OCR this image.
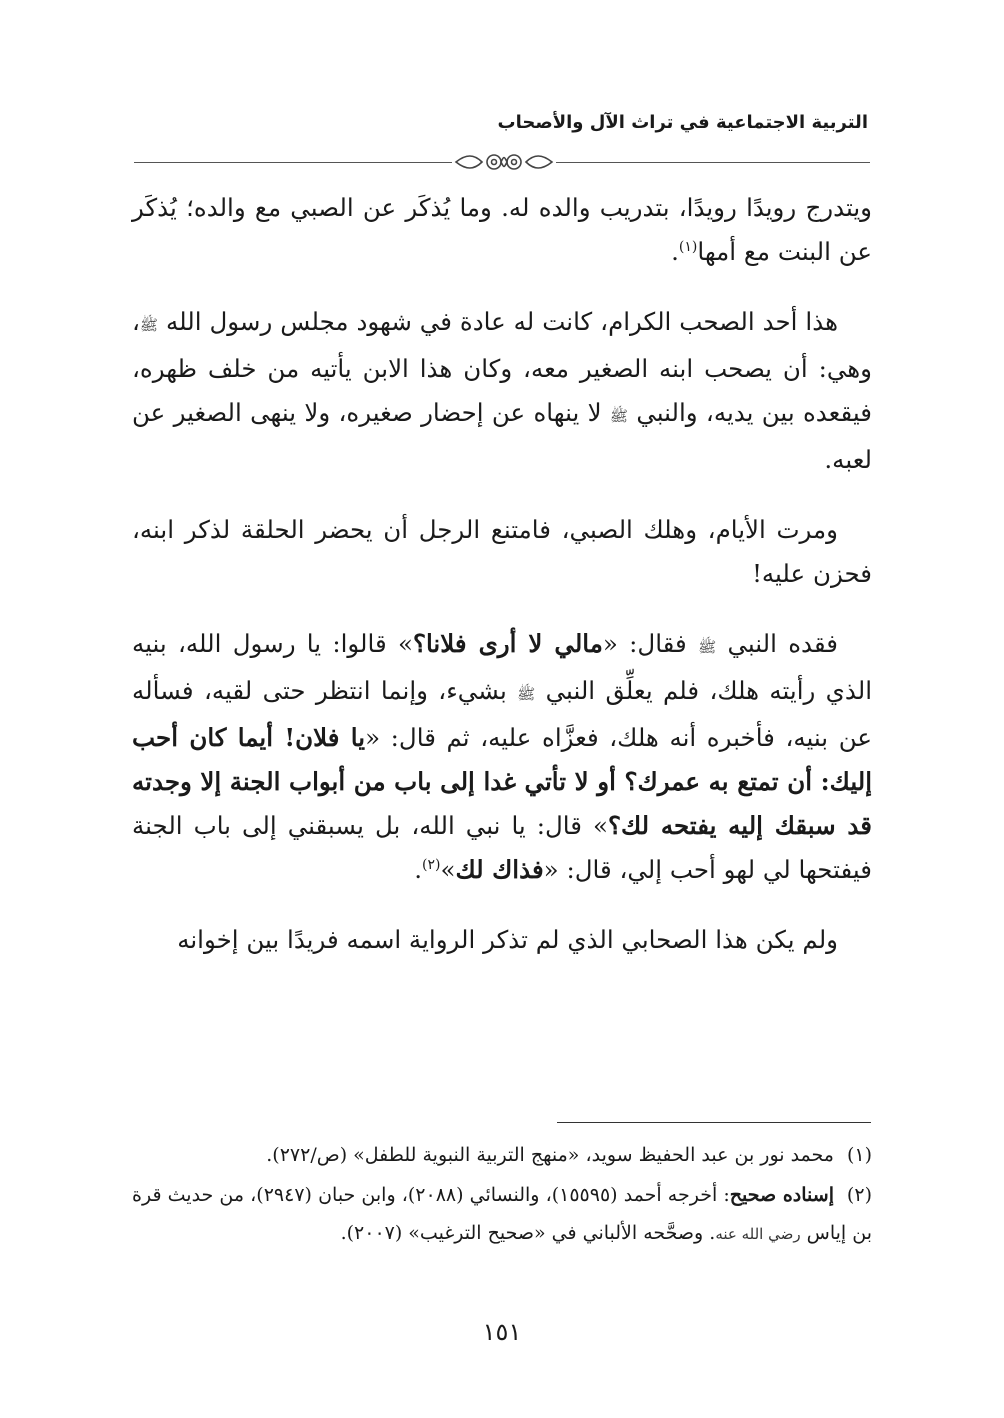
التربية الاجتماعية في تراث الآل والأصحاب

ويتدرج رويدًا رويدًا، بتدريب والده له. وما يُذكَر عن الصبي مع والده؛ يُذكَر عن البنت مع أمها$^{(١)}$.

هذا أحد الصحب الكرام، كانت له عادة في شهود مجلس رسول الله ﷺ، وهي: أن يصحب ابنه الصغير معه، وكان هذا الابن يأتيه من خلف ظهره، فيقعده بين يديه، والنبي ﷺ لا ينهاه عن إحضار صغيره، ولا ينهى الصغير عن لعبه.

ومرت الأيام، وهلك الصبي، فامتنع الرجل أن يحضر الحلقة لذكر ابنه، فحزن عليه!

فقده النبي ﷺ فقال: «مالي لا أرى فلانا؟» قالوا: يا رسول الله، بنيه الذي رأيته هلك، فلم يعلِّق النبي ﷺ بشيء، وإنما انتظر حتى لقيه، فسأله عن بنيه، فأخبره أنه هلك، فعزَّاه عليه، ثم قال: «يا فلان! أيما كان أحب إليك: أن تمتع به عمرك؟ أو لا تأتي غدا إلى باب من أبواب الجنة إلا وجدته قد سبقك إليه يفتحه لك؟» قال: يا نبي الله، بل يسبقني إلى باب الجنة فيفتحها لي لهو أحب إلي، قال: «فذاك لك»$^{(٢)}$.

ولم يكن هذا الصحابي الذي لم تذكر الرواية اسمه فريدًا بين إخوانه

(١)محمد نور بن عبد الحفيظ سويد، «منهج التربية النبوية للطفل» (ص/٢٧٢).

(٢)إسناده صحيح: أخرجه أحمد (١٥٥٩٥)، والنسائي (٢٠٨٨)، وابن حبان (٢٩٤٧)، من حديث قرة بن إياس رضي الله عنه. وصحَّحه الألباني في «صحيح الترغيب» (٢٠٠٧).

١٥١
